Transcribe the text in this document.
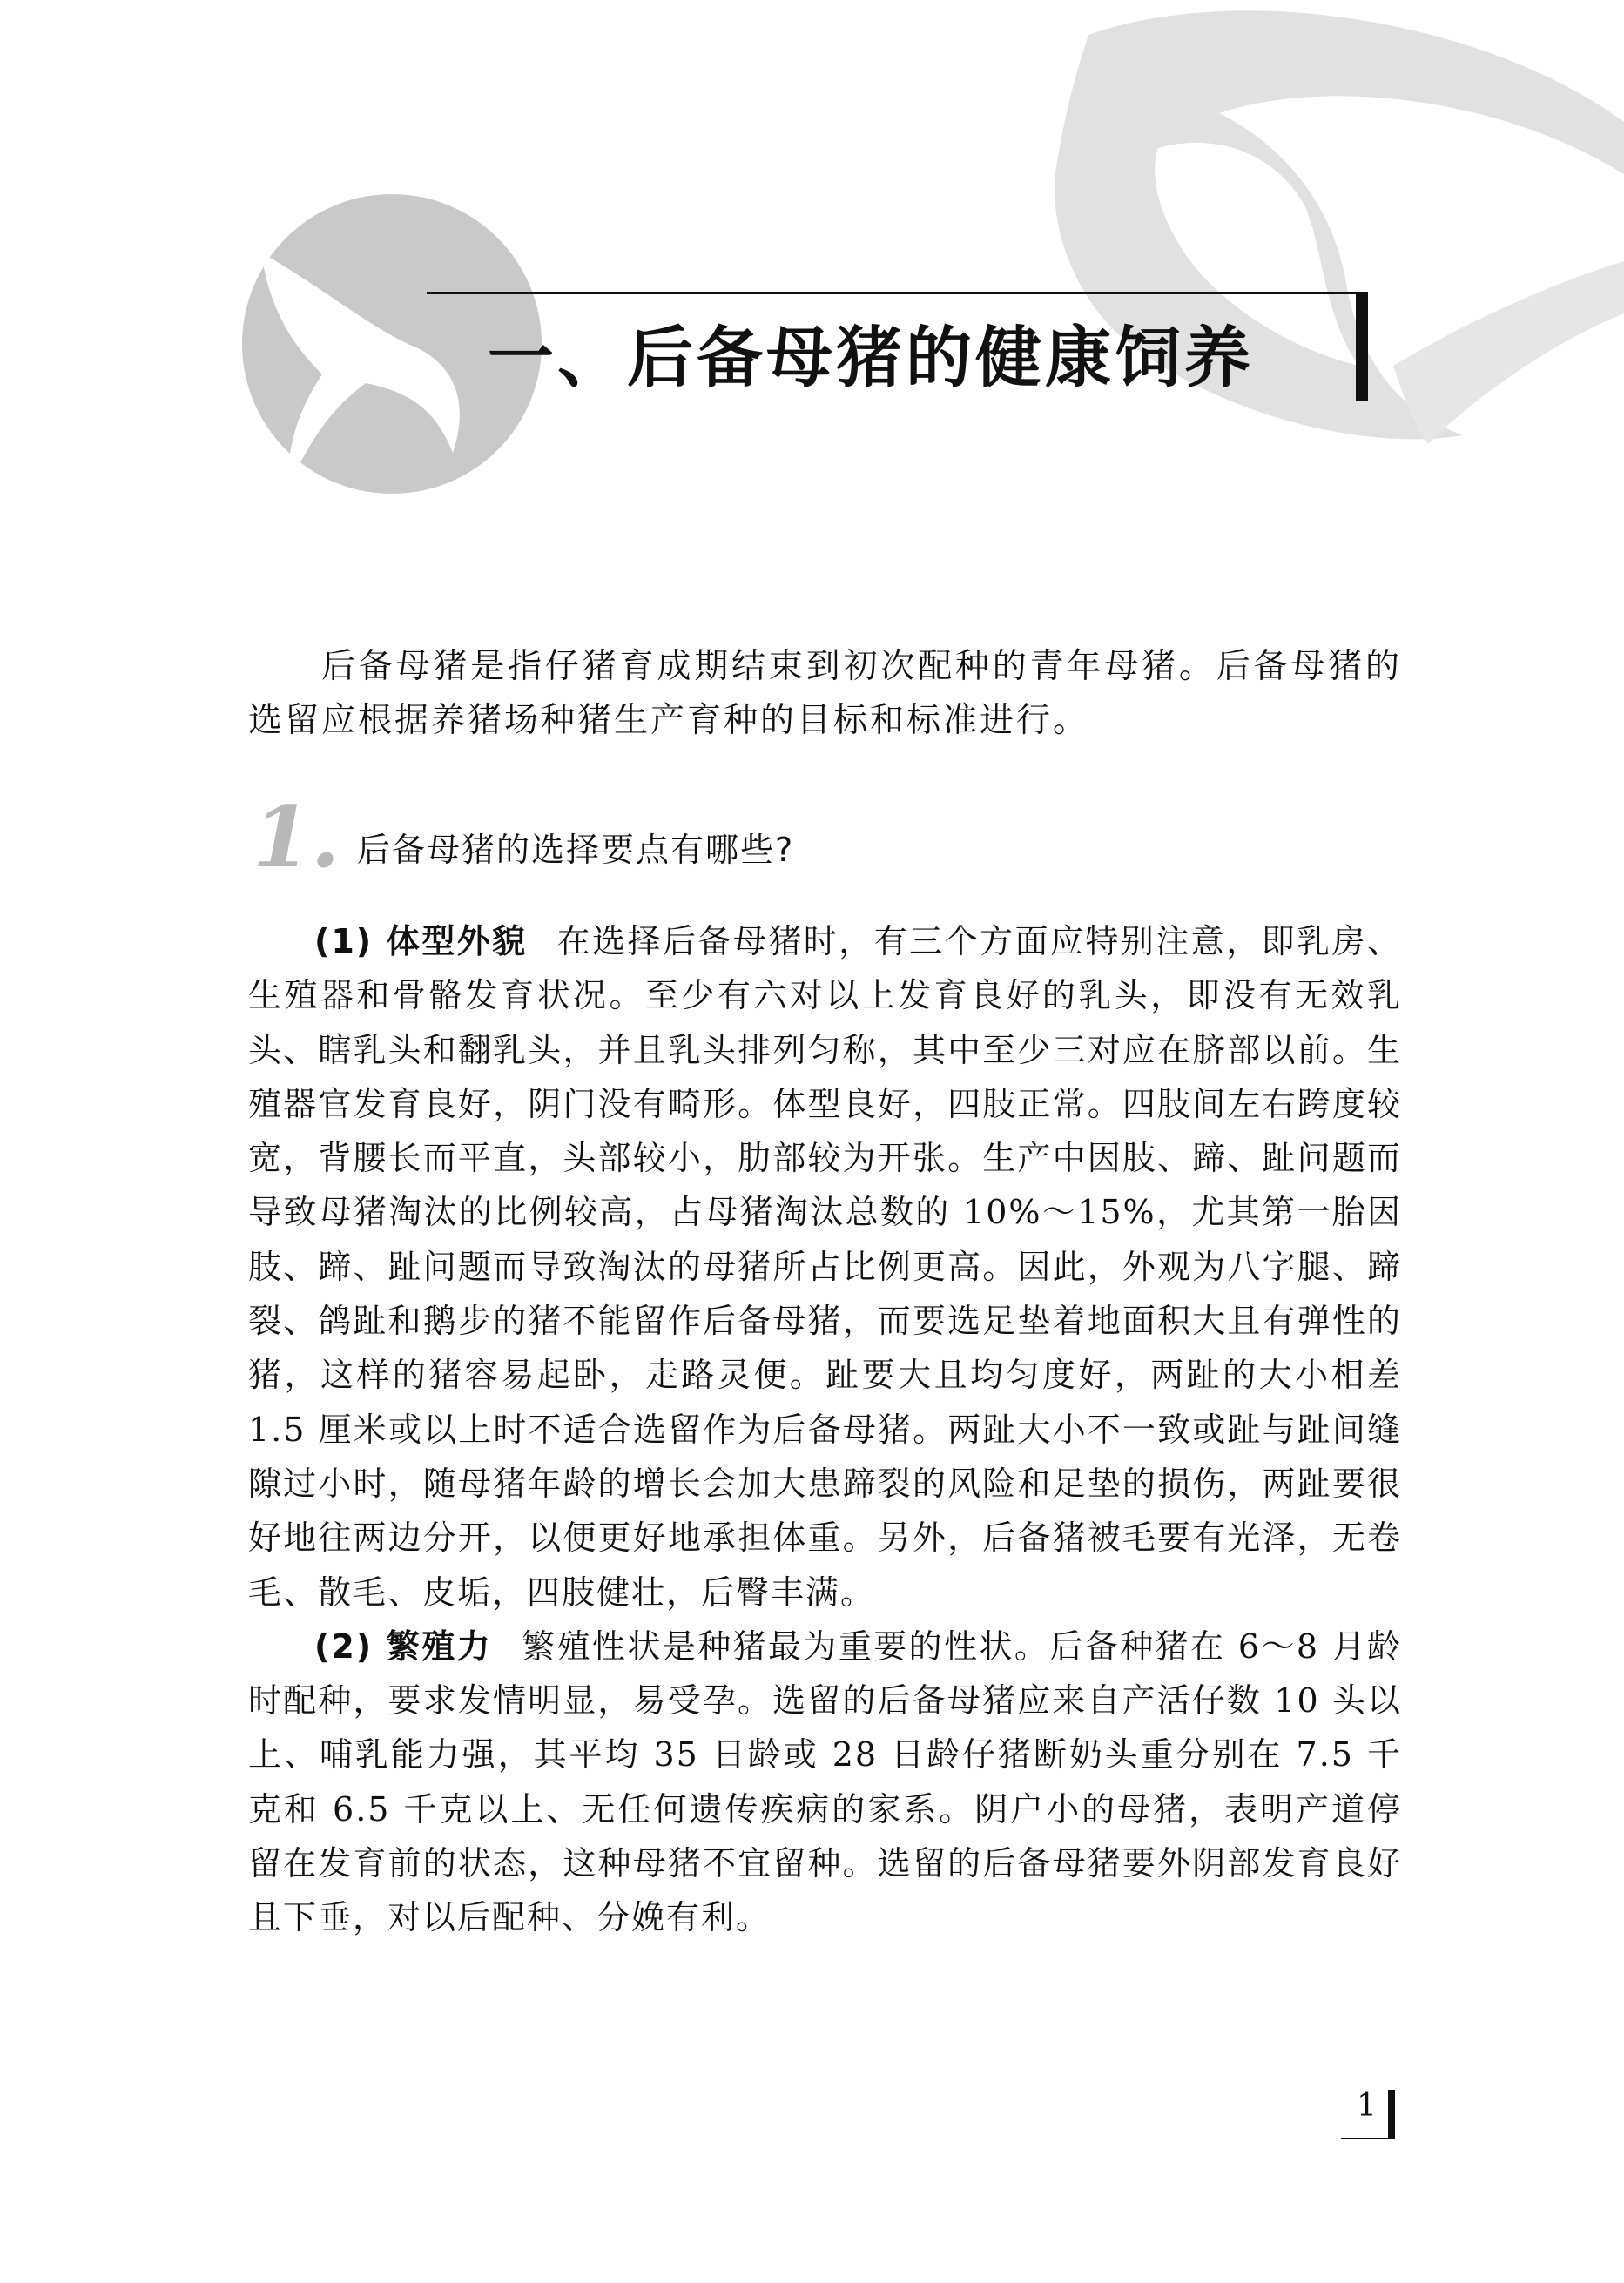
一、后备母猪的健康饲养

后备母猪是指仔猪育成期结束到初次配种的青年母猪。后备母猪的选留应根据养猪场种猪生产育种的目标和标准进行。

1. 后备母猪的选择要点有哪些?

(1) 体型外貌 在选择后备母猪时，有三个方面应特别注意，即乳房、生殖器和骨骼发育状况。至少有六对以上发育良好的乳头，即没有无效乳头、瞎乳头和翻乳头，并且乳头排列匀称，其中至少三对应在脐部以前。生殖器官发育良好，阴门没有畸形。体型良好，四肢正常。四肢间左右跨度较宽，背腰长而平直，头部较小，肋部较为开张。生产中因肢、蹄、趾问题而导致母猪淘汰的比例较高，占母猪淘汰总数的 10%～15%，尤其第一胎因肢、蹄、趾问题而导致淘汰的母猪所占比例更高。因此，外观为八字腿、蹄裂、鸽趾和鹅步的猪不能留作后备母猪，而要选足垫着地面积大且有弹性的猪，这样的猪容易起卧，走路灵便。趾要大且均匀度好，两趾的大小相差 1.5 厘米或以上时不适合选留作为后备母猪。两趾大小不一致或趾与趾间缝隙过小时，随母猪年龄的增长会加大患蹄裂的风险和足垫的损伤，两趾要很好地往两边分开，以便更好地承担体重。另外，后备猪被毛要有光泽，无卷毛、散毛、皮垢，四肢健壮，后臀丰满。

(2) 繁殖力 繁殖性状是种猪最为重要的性状。后备种猪在 6～8 月龄时配种，要求发情明显，易受孕。选留的后备母猪应来自产活仔数 10 头以上、哺乳能力强，其平均 35 日龄或 28 日龄仔猪断奶头重分别在 7.5 千克和 6.5 千克以上、无任何遗传疾病的家系。阴户小的母猪，表明产道停留在发育前的状态，这种母猪不宜留种。选留的后备母猪要外阴部发育良好且下垂，对以后配种、分娩有利。

1
